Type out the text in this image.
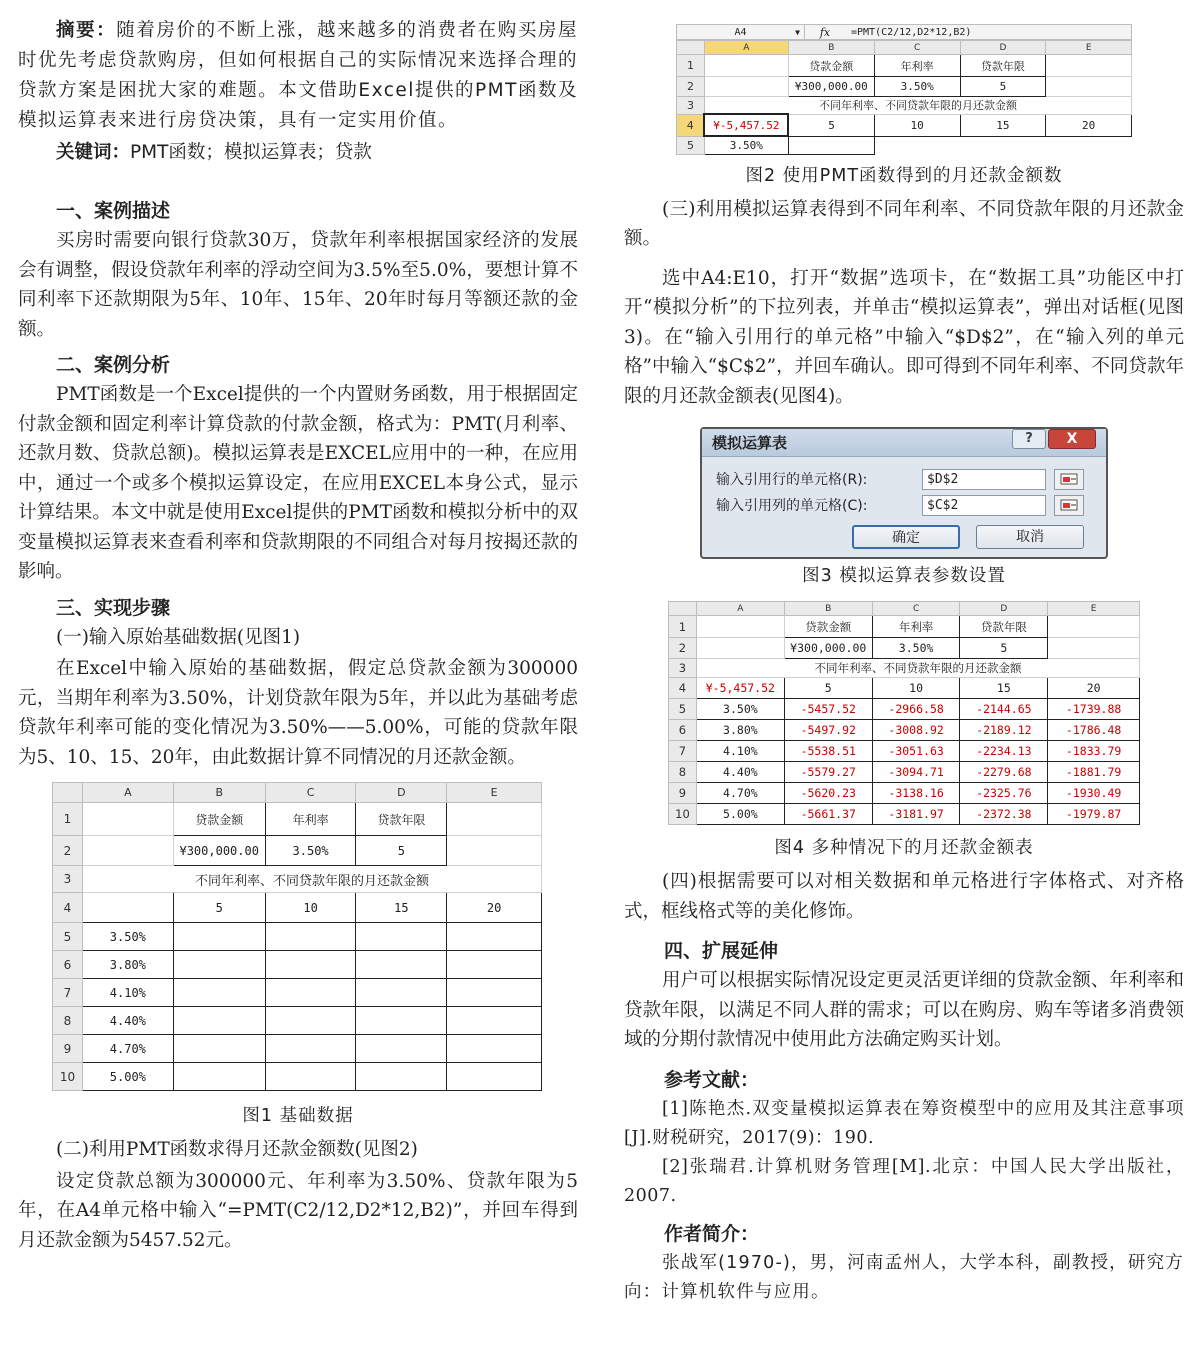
摘要：随着房价的不断上涨，越来越多的消费者在购买房屋时优先考虑贷款购房，但如何根据自己的实际情况来选择合理的贷款方案是困扰大家的难题。本文借助Excel提供的PMT函数及模拟运算表来进行房贷决策，具有一定实用价值。

关键词：PMT函数；模拟运算表；贷款

一、案例描述

买房时需要向银行贷款30万，贷款年利率根据国家经济的发展会有调整，假设贷款年利率的浮动空间为3.5%至5.0%，要想计算不同利率下还款期限为5年、10年、15年、20年时每月等额还款的金额。

二、案例分析

PMT函数是一个Excel提供的一个内置财务函数，用于根据固定付款金额和固定利率计算贷款的付款金额，格式为：PMT(月利率、还款月数、贷款总额)。模拟运算表是EXCEL应用中的一种，在应用中，通过一个或多个模拟运算设定，在应用EXCEL本身公式，显示计算结果。本文中就是使用Excel提供的PMT函数和模拟分析中的双变量模拟运算表来查看利率和贷款期限的不同组合对每月按揭还款的影响。

三、实现步骤

(一)输入原始基础数据(见图1)

在Excel中输入原始的基础数据，假定总贷款金额为300000元，当期年利率为3.50%，计划贷款年限为5年，并以此为基础考虑贷款年利率可能的变化情况为3.50%——5.00%，可能的贷款年限为5、10、15、20年，由此数据计算不同情况的月还款金额。

	A	B	C	D	E
1		贷款金额	年利率	贷款年限	
2		¥300,000.00	3.50%	5	
3	不同年利率、不同贷款年限的月还款金额				
4		5	10	15	20
5	3.50%				
6	3.80%				
7	4.10%				
8	4.40%				
9	4.70%				
10	5.00%				

图1 基础数据

(二)利用PMT函数求得月还款金额数(见图2)

设定贷款总额为300000元、年利率为3.50%、贷款年限为5年，在A4单元格中输入“=PMT(C2/12,D2*12,B2)”，并回车得到月还款金额为5457.52元。

A4	▼	fx	=PMT(C2/12,D2*12,B2)
	A	B	C	D	E
1		贷款金额	年利率	贷款年限	
2		¥300,000.00	3.50%	5	
3	不同年利率、不同贷款年限的月还款金额				
4	¥-5,457.52	5	10	15	20
5	3.50%				

图2 使用PMT函数得到的月还款金额数

(三)利用模拟运算表得到不同年利率、不同贷款年限的月还款金额。

选中A4:E10，打开“数据”选项卡，在“数据工具”功能区中打开“模拟分析”的下拉列表，并单击“模拟运算表”，弹出对话框(见图3)。在“输入引用行的单元格”中输入“$D$2”，在“输入列的单元格”中输入“$C$2”，并回车确认。即可得到不同年利率、不同贷款年限的月还款金额表(见图4)。

模拟运算表	?	X
输入引用行的单元格(R):	$D$2
输入引用列的单元格(C):	$C$2
确定	取消

图3 模拟运算表参数设置

	A	B	C	D	E
1		贷款金额	年利率	贷款年限	
2		¥300,000.00	3.50%	5	
3	不同年利率、不同贷款年限的月还款金额				
4	¥-5,457.52	5	10	15	20
5	3.50%	-5457.52	-2966.58	-2144.65	-1739.88
6	3.80%	-5497.92	-3008.92	-2189.12	-1786.48
7	4.10%	-5538.51	-3051.63	-2234.13	-1833.79
8	4.40%	-5579.27	-3094.71	-2279.68	-1881.79
9	4.70%	-5620.23	-3138.16	-2325.76	-1930.49
10	5.00%	-5661.37	-3181.97	-2372.38	-1979.87

图4 多种情况下的月还款金额表

(四)根据需要可以对相关数据和单元格进行字体格式、对齐格式，框线格式等的美化修饰。

四、扩展延伸

用户可以根据实际情况设定更灵活更详细的贷款金额、年利率和贷款年限，以满足不同人群的需求；可以在购房、购车等诸多消费领域的分期付款情况中使用此方法确定购买计划。

参考文献：

[1]陈艳杰.双变量模拟运算表在筹资模型中的应用及其注意事项[J].财税研究，2017(9)：190.

[2]张瑞君.计算机财务管理[M].北京：中国人民大学出版社，2007.

作者简介：

张战军(1970-)，男，河南孟州人，大学本科，副教授，研究方向：计算机软件与应用。
